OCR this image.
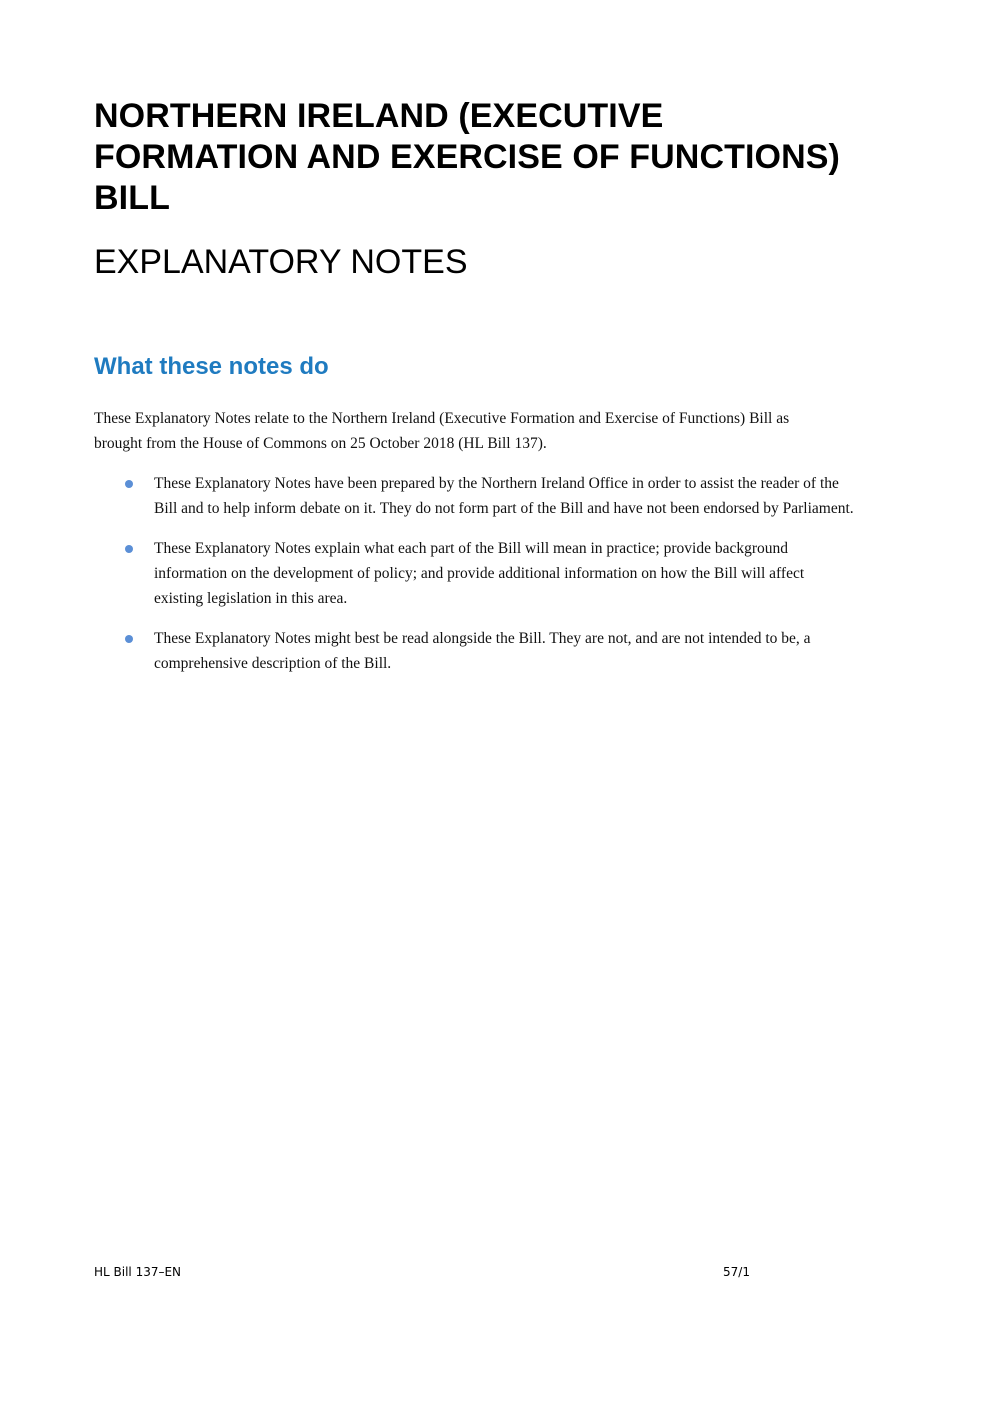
NORTHERN IRELAND (EXECUTIVE FORMATION AND EXERCISE OF FUNCTIONS) BILL
EXPLANATORY NOTES
What these notes do

These Explanatory Notes relate to the Northern Ireland (Executive Formation and Exercise of Functions) Bill as brought from the House of Commons on 25 October 2018 (HL Bill 137).

These Explanatory Notes have been prepared by the Northern Ireland Office in order to assist the reader of the Bill and to help inform debate on it. They do not form part of the Bill and have not been endorsed by Parliament.
These Explanatory Notes explain what each part of the Bill will mean in practice; provide background information on the development of policy; and provide additional information on how the Bill will affect existing legislation in this area.
These Explanatory Notes might best be read alongside the Bill. They are not, and are not intended to be, a comprehensive description of the Bill.
HL Bill 137–EN	57/1
